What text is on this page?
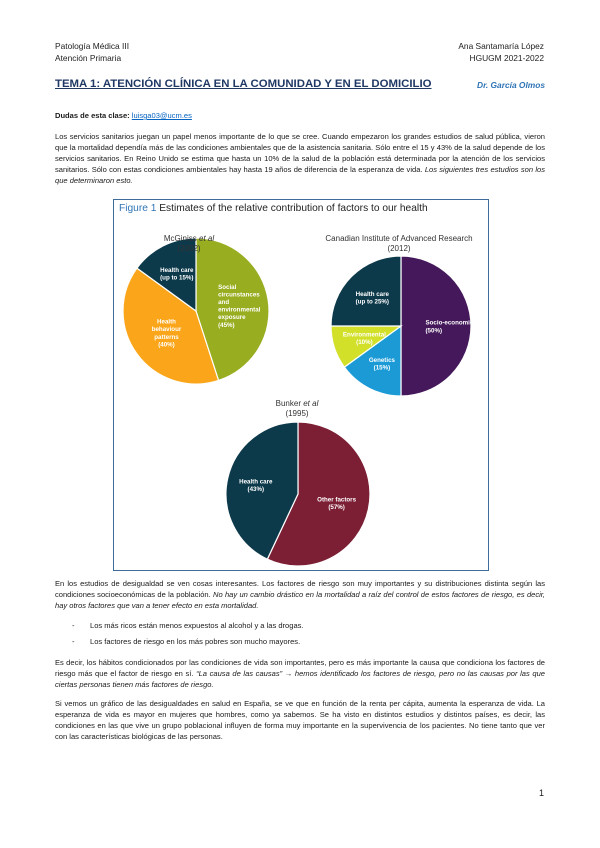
Patología Médica III
Atención Primaria
Ana Santamaría López
HGUGM 2021-2022
TEMA 1: ATENCIÓN CLÍNICA EN LA COMUNIDAD Y EN EL DOMICILIO	Dr. García Olmos
Dudas de esta clase: luisga03@ucm.es
Los servicios sanitarios juegan un papel menos importante de lo que se cree. Cuando empezaron los grandes estudios de salud pública, vieron que la mortalidad dependía más de las condiciones ambientales que de la asistencia sanitaria. Sólo entre el 15 y 43% de la salud depende de los servicios sanitarios. En Reino Unido se estima que hasta un 10% de la salud de la población está determinada por la atención de los servicios sanitarios. Sólo con estas condiciones ambientales hay hasta 19 años de diferencia de la esperanza de vida. Los siguientes tres estudios son los que determinaron esto.
Figure 1 Estimates of the relative contribution of factors to our health
Social circunstances and environmental exposure (45%)
Health behaviour patterns (40%)
Health care (up to 15%)
McGiniss et al
(2002)
Socio-economic (50%)
Genetics (15%)
Environmental (10%)
Health care (up to 25%)
Canadian Institute of Advanced Research
(2012)
Other factors (57%)
Health care (43%)
Bunker et al
(1995)
En los estudios de desigualdad se ven cosas interesantes. Los factores de riesgo son muy importantes y su distribuciones distinta según las condiciones socioeconómicas de la población. No hay un cambio drástico en la mortalidad a raíz del control de estos factores de riesgo, es decir, hay otros factores que van a tener efecto en esta mortalidad.
- Los más ricos están menos expuestos al alcohol y a las drogas.
- Los factores de riesgo en los más pobres son mucho mayores.
Es decir, los hábitos condicionados por las condiciones de vida son importantes, pero es más importante la causa que condiciona los factores de riesgo más que el factor de riesgo en sí. “La causa de las causas” → hemos identificado los factores de riesgo, pero no las causas por las que ciertas personas tienen más factores de riesgo.
Si vemos un gráfico de las desigualdades en salud en España, se ve que en función de la renta per cápita, aumenta la esperanza de vida. La esperanza de vida es mayor en mujeres que hombres, como ya sabemos. Se ha visto en distintos estudios y distintos países, es decir, las condiciones en las que vive un grupo poblacional influyen de forma muy importante en la supervivencia de los pacientes. No tiene tanto que ver con las características biológicas de las personas.
1
